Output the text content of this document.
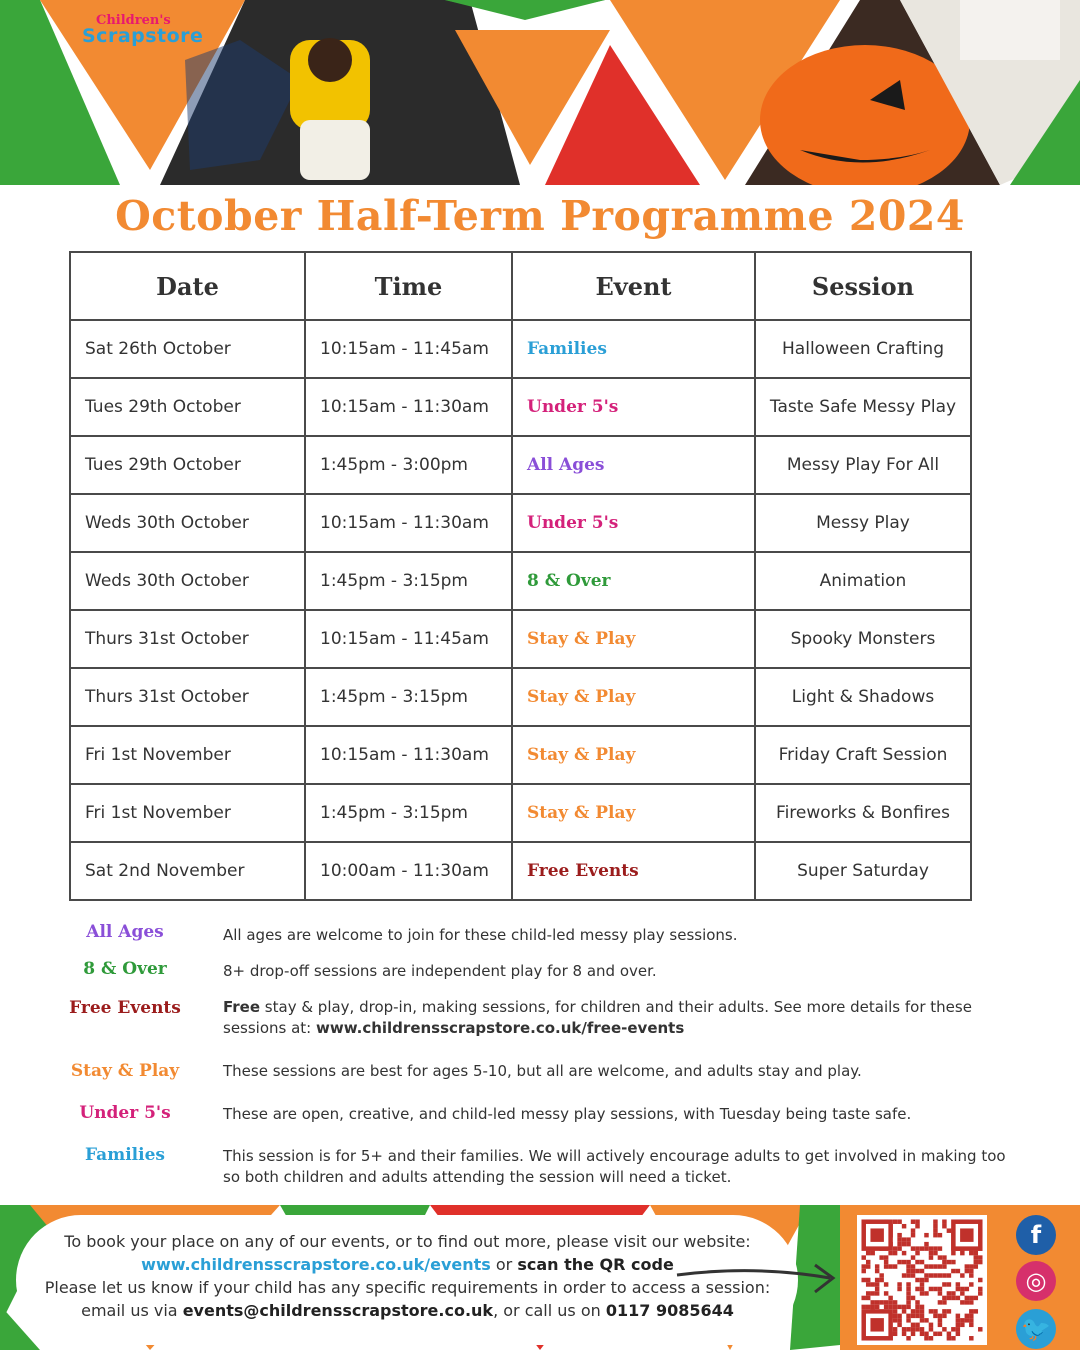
Children's
Scrapstore
October Half-Term Programme 2024
Date	Time	Event	Session
Sat 26th October	10:15am - 11:45am	Families	Halloween Crafting
Tues 29th October	10:15am - 11:30am	Under 5's	Taste Safe Messy Play
Tues 29th October	1:45pm - 3:00pm	All Ages	Messy Play For All
Weds 30th October	10:15am - 11:30am	Under 5's	Messy Play
Weds 30th October	1:45pm - 3:15pm	8 & Over	Animation
Thurs 31st October	10:15am - 11:45am	Stay & Play	Spooky Monsters
Thurs 31st October	1:45pm - 3:15pm	Stay & Play	Light & Shadows
Fri 1st November	10:15am - 11:30am	Stay & Play	Friday Craft Session
Fri 1st November	1:45pm - 3:15pm	Stay & Play	Fireworks & Bonfires
Sat 2nd November	10:00am - 11:30am	Free Events	Super Saturday
All Ages	All ages are welcome to join for these child-led messy play sessions.
8 & Over	8+ drop-off sessions are independent play for 8 and over.
Free Events	Free stay & play, drop-in, making sessions, for children and their adults. See more details for these sessions at: www.childrensscrapstore.co.uk/free-events
Stay & Play	These sessions are best for ages 5-10, but all are welcome, and adults stay and play.
Under 5's	These are open, creative, and child-led messy play sessions, with Tuesday being taste safe.
Families	This session is for 5+ and their families. We will actively encourage adults to get involved in making too so both children and adults attending the session will need a ticket.
To book your place on any of our events, or to find out more, please visit our website:
www.childrensscrapstore.co.uk/events or scan the QR code
Please let us know if your child has any specific requirements in order to access a session:
email us via events@childrensscrapstore.co.uk, or call us on 0117 9085644
f
◎
🐦
